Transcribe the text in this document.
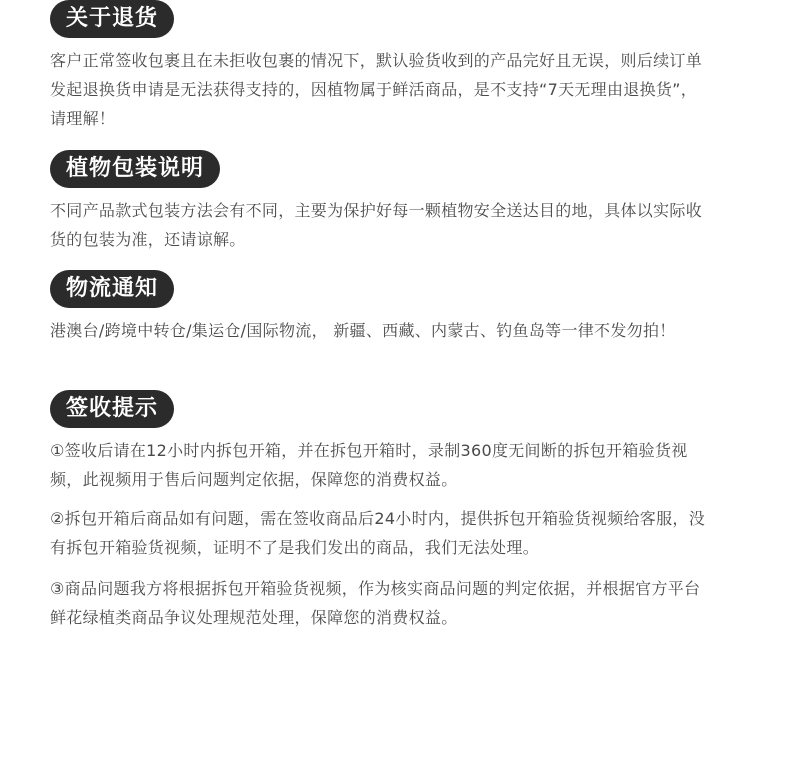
关于退货

客户正常签收包裹且在未拒收包裹的情况下，默认验货收到的产品完好且无误，则后续订单发起退换货申请是无法获得支持的，因植物属于鲜活商品，是不支持“7天无理由退换货”， 请理解！

植物包装说明

不同产品款式包装方法会有不同，主要为保护好每一颗植物安全送达目的地，具体以实际收货的包装为准，还请谅解。

物流通知

港澳台/跨境中转仓/集运仓/国际物流， 新疆、西藏、内蒙古、钓鱼岛等一律不发勿拍！

签收提示

①签收后请在12小时内拆包开箱，并在拆包开箱时，录制360度无间断的拆包开箱验货视频，此视频用于售后问题判定依据，保障您的消费权益。

②拆包开箱后商品如有问题，需在签收商品后24小时内，提供拆包开箱验货视频给客服，没有拆包开箱验货视频，证明不了是我们发出的商品，我们无法处理。

③商品问题我方将根据拆包开箱验货视频，作为核实商品问题的判定依据，并根据官方平台鲜花绿植类商品争议处理规范处理，保障您的消费权益。
